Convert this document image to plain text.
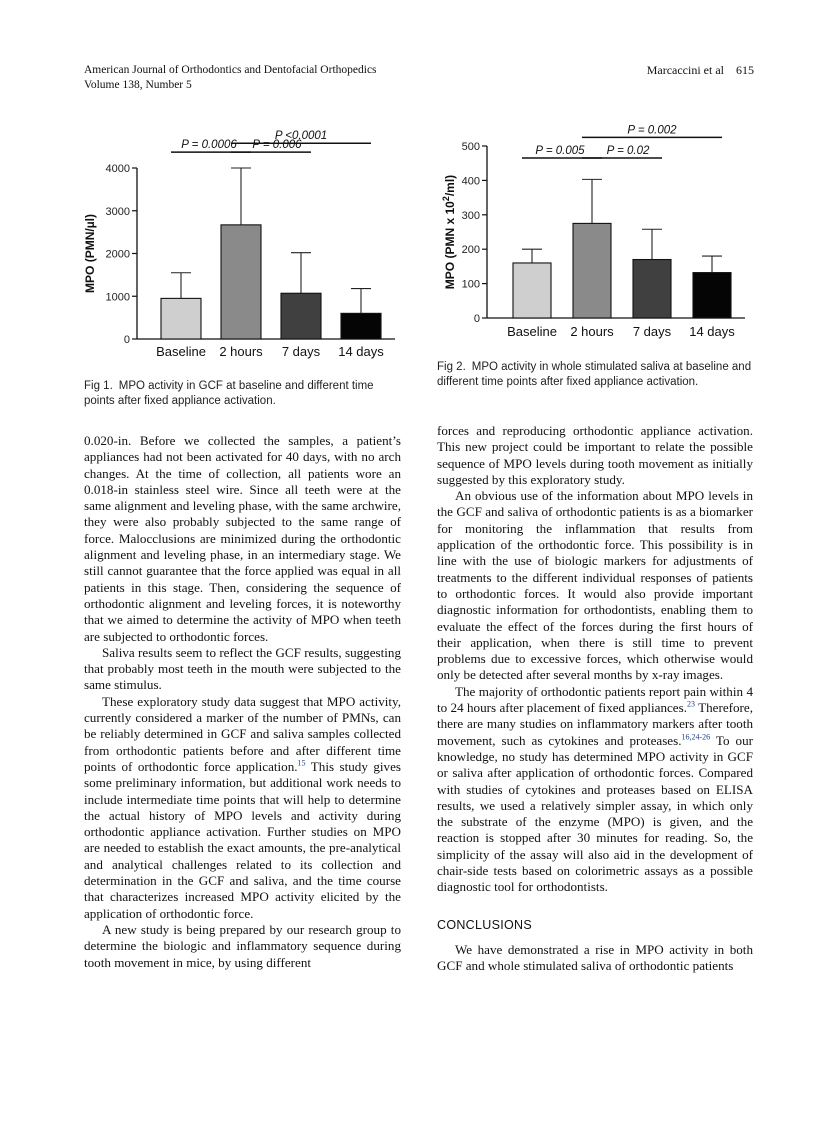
American Journal of Orthodontics and Dentofacial Orthopedics
Volume 138, Number 5
Marcaccini et al 615
MPO (PMN/µl)
0
1000
2000
3000
4000
Baseline 2 hours 7 days 14 days
P = 0.0006 P = 0.006
P <0.0001
MPO (PMN x $10^2/ml$)
0
100
200
300
400
500
Baseline 2 hours 7 days 14 days
P = 0.005 P = 0.02
P = 0.002
Fig 1. MPO activity in GCF at baseline and different time points after fixed appliance activation.
Fig 2. MPO activity in whole stimulated saliva at baseline and different time points after fixed appliance activation.

0.020-in. Before we collected the samples, a patient’s appliances had not been activated for 40 days, with no arch changes. At the time of collection, all patients wore an 0.018-in stainless steel wire. Since all teeth were at the same alignment and leveling phase, with the same archwire, they were also probably subjected to the same range of force. Malocclusions are minimized during the orthodontic alignment and leveling phase, in an intermediary stage. We still cannot guarantee that the force applied was equal in all patients in this stage. Then, considering the sequence of orthodontic alignment and leveling forces, it is noteworthy that we aimed to determine the activity of MPO when teeth are subjected to orthodontic forces.

Saliva results seem to reflect the GCF results, suggesting that probably most teeth in the mouth were subjected to the same stimulus.

These exploratory study data suggest that MPO activity, currently considered a marker of the number of PMNs, can be reliably determined in GCF and saliva samples collected from orthodontic patients before and after different time points of orthodontic force application.$^{15}$ This study gives some preliminary information, but additional work needs to include intermediate time points that will help to determine the actual history of MPO levels and activity during orthodontic appliance activation. Further studies on MPO are needed to establish the exact amounts, the pre-analytical and analytical challenges related to its collection and determination in the GCF and saliva, and the time course that characterizes increased MPO activity elicited by the application of orthodontic force.

A new study is being prepared by our research group to determine the biologic and inflammatory sequence during tooth movement in mice, by using different

forces and reproducing orthodontic appliance activation. This new project could be important to relate the possible sequence of MPO levels during tooth movement as initially suggested by this exploratory study.

An obvious use of the information about MPO levels in the GCF and saliva of orthodontic patients is as a biomarker for monitoring the inflammation that results from application of the orthodontic force. This possibility is in line with the use of biologic markers for adjustments of treatments to the different individual responses of patients to orthodontic forces. It would also provide important diagnostic information for orthodontists, enabling them to evaluate the effect of the forces during the first hours of their application, when there is still time to prevent problems due to excessive forces, which otherwise would only be detected after several months by x-ray images.

The majority of orthodontic patients report pain within 4 to 24 hours after placement of fixed appliances.$^{23}$ Therefore, there are many studies on inflammatory markers after tooth movement, such as cytokines and proteases.$^{16,24-26}$ To our knowledge, no study has determined MPO activity in GCF or saliva after application of orthodontic forces. Compared with studies of cytokines and proteases based on ELISA results, we used a relatively simpler assay, in which only the substrate of the enzyme (MPO) is given, and the reaction is stopped after 30 minutes for reading. So, the simplicity of the assay will also aid in the development of chair-side tests based on colorimetric assays as a possible diagnostic tool for orthodontists.

CONCLUSIONS

We have demonstrated a rise in MPO activity in both GCF and whole stimulated saliva of orthodontic patients
